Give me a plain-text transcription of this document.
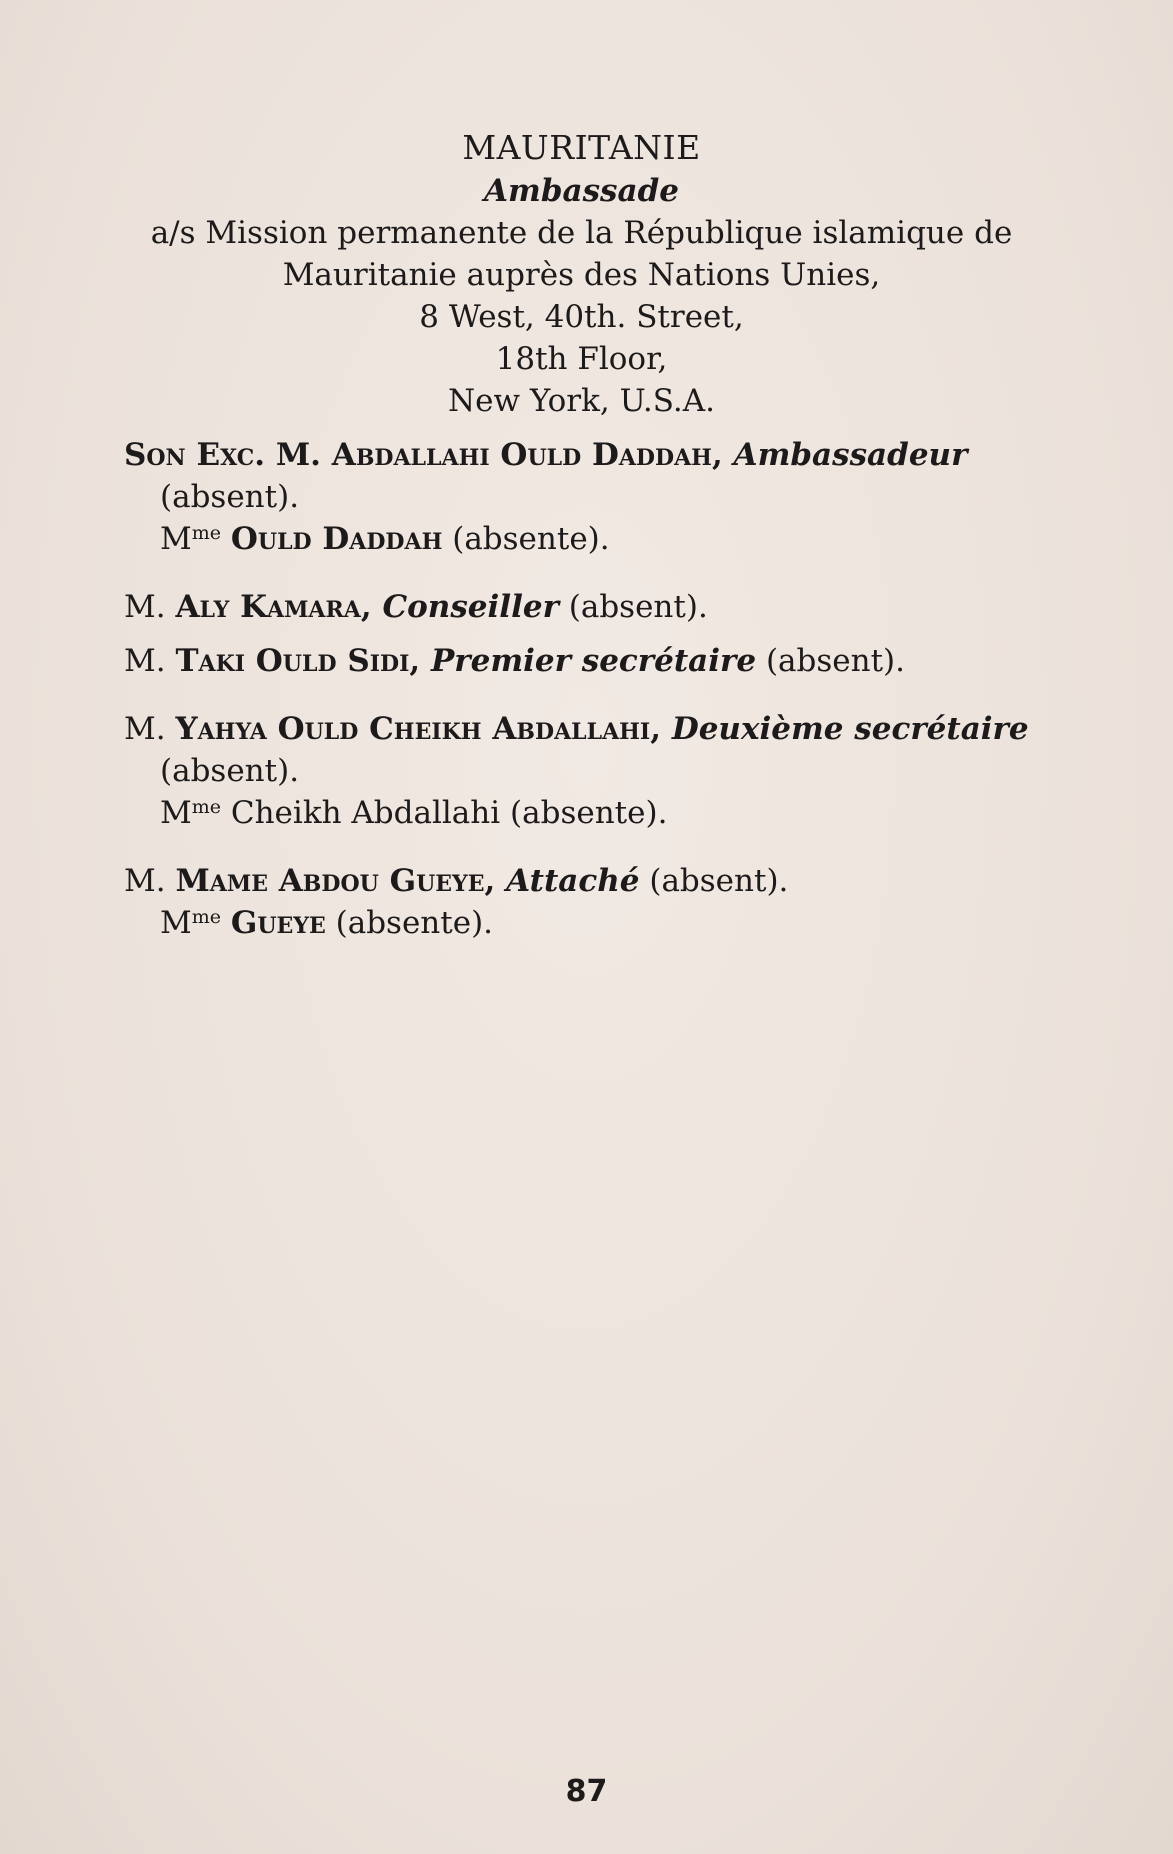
MAURITANIE
Ambassade
a/s Mission permanente de la République islamique de
Mauritanie auprès des Nations Unies,
8 West, 40th. Street,
18th Floor,
New York, U.S.A.
Son Exc. M. Abdallahi Ould Daddah, Ambassadeur
(absent).
$M^{me}$ Ould Daddah (absente).
M. Aly Kamara, Conseiller (absent).
M. Taki Ould Sidi, Premier secrétaire (absent).
M. Yahya Ould Cheikh Abdallahi, Deuxième secrétaire
(absent).
$M^{me}$ Cheikh Abdallahi (absente).
M. Mame Abdou Gueye, Attaché (absent).
$M^{me}$ Gueye (absente).
87
